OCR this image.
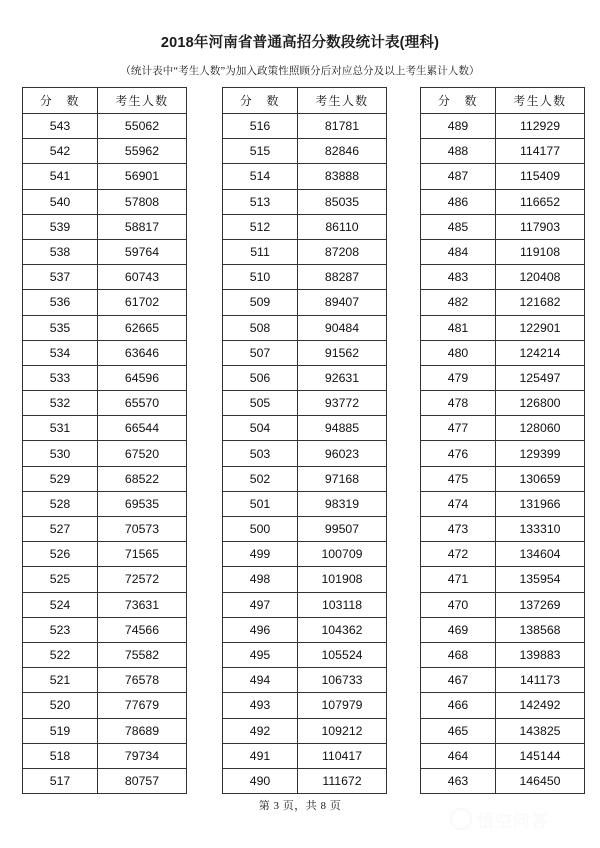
2018年河南省普通高招分数段统计表(理科)

（统计表中“考生人数”为加入政策性照顾分后对应总分及以上考生累计人数）

分　数	考生人数
543	55062
542	55962
541	56901
540	57808
539	58817
538	59764
537	60743
536	61702
535	62665
534	63646
533	64596
532	65570
531	66544
530	67520
529	68522
528	69535
527	70573
526	71565
525	72572
524	73631
523	74566
522	75582
521	76578
520	77679
519	78689
518	79734
517	80757
分　数	考生人数
516	81781
515	82846
514	83888
513	85035
512	86110
511	87208
510	88287
509	89407
508	90484
507	91562
506	92631
505	93772
504	94885
503	96023
502	97168
501	98319
500	99507
499	100709
498	101908
497	103118
496	104362
495	105524
494	106733
493	107979
492	109212
491	110417
490	111672
分　数	考生人数
489	112929
488	114177
487	115409
486	116652
485	117903
484	119108
483	120408
482	121682
481	122901
480	124214
479	125497
478	126800
477	128060
476	129399
475	130659
474	131966
473	133310
472	134604
471	135954
470	137269
469	138568
468	139883
467	141173
466	142492
465	143825
464	145144
463	146450
第 3 页，共 8 页
悟空问答
